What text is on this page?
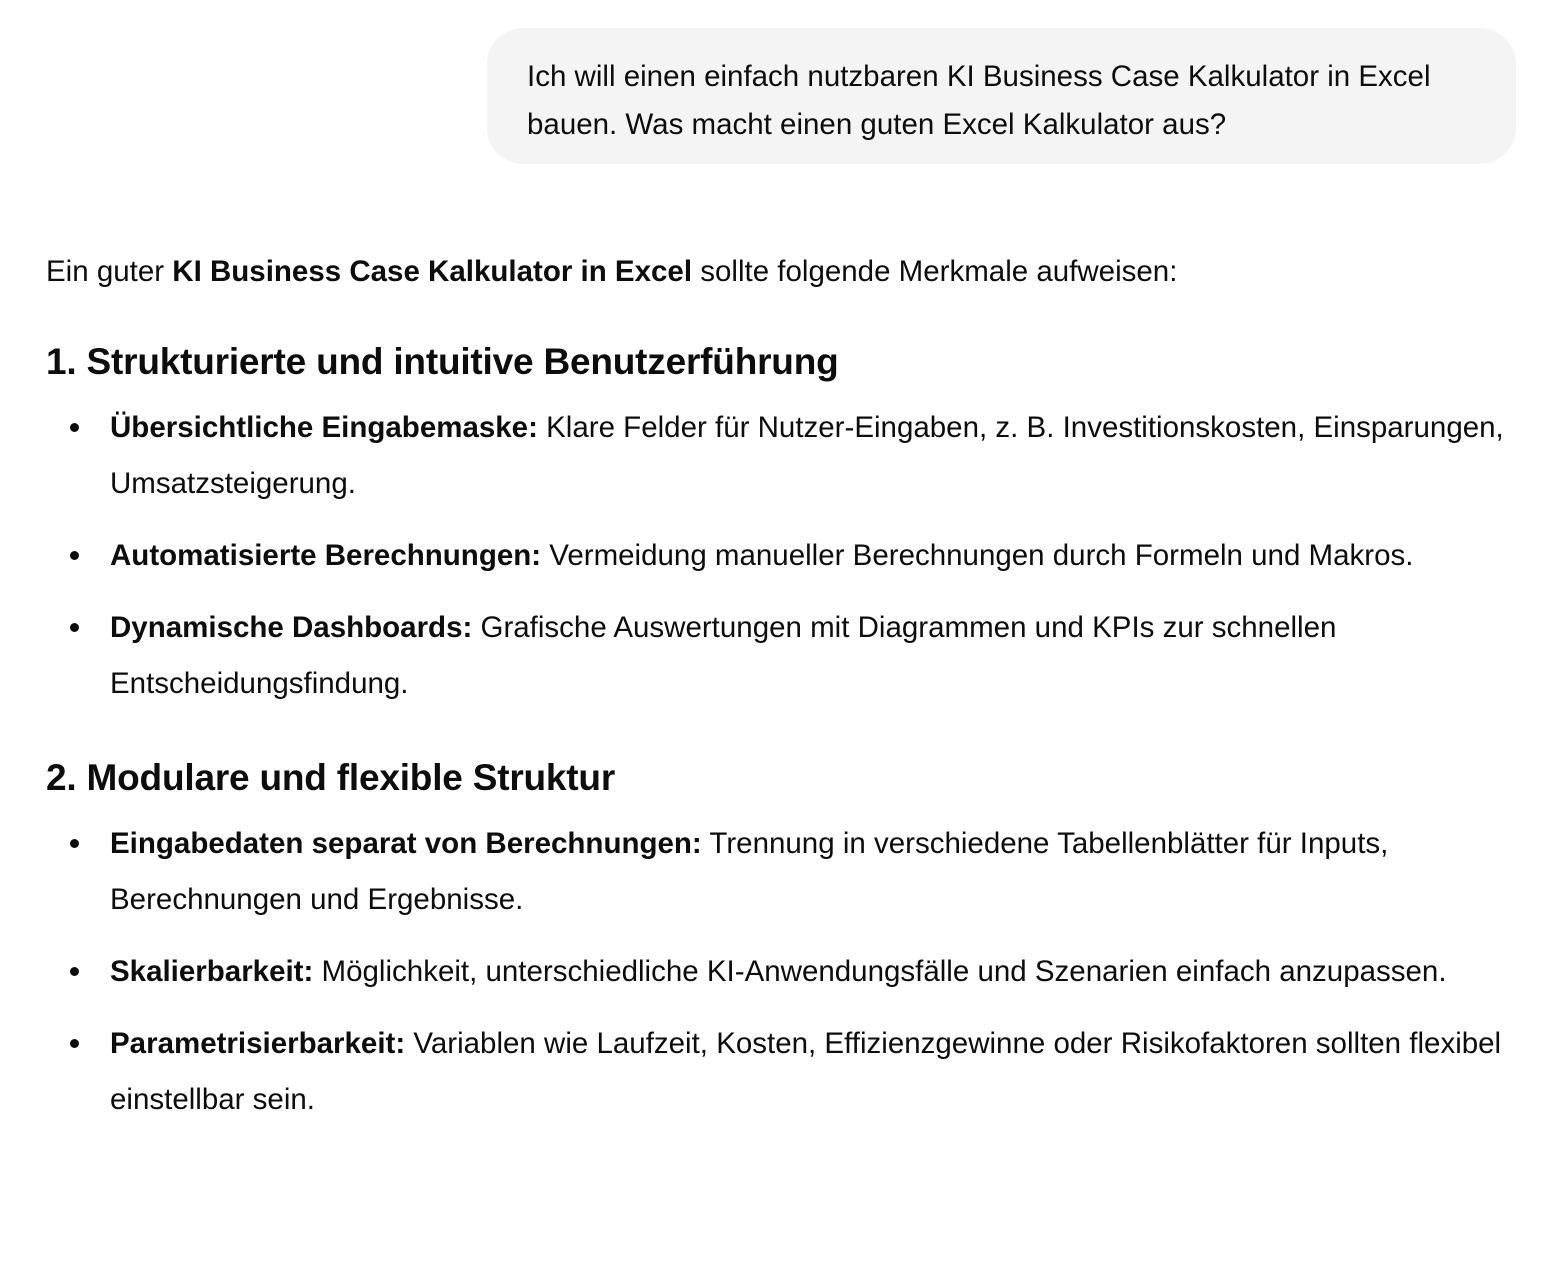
Ich will einen einfach nutzbaren KI Business Case Kalkulator in Excel bauen. Was macht einen guten Excel Kalkulator aus?

Ein guter KI Business Case Kalkulator in Excel sollte folgende Merkmale aufweisen:

1. Strukturierte und intuitive Benutzerführung
Übersichtliche Eingabemaske: Klare Felder für Nutzer-Eingaben, z. B. Investitionskosten, Einsparungen, Umsatzsteigerung.
Automatisierte Berechnungen: Vermeidung manueller Berechnungen durch Formeln und Makros.
Dynamische Dashboards: Grafische Auswertungen mit Diagrammen und KPIs zur schnellen Entscheidungsfindung.
2. Modulare und flexible Struktur
Eingabedaten separat von Berechnungen: Trennung in verschiedene Tabellenblätter für Inputs, Berechnungen und Ergebnisse.
Skalierbarkeit: Möglichkeit, unterschiedliche KI-Anwendungsfälle und Szenarien einfach anzupassen.
Parametrisierbarkeit: Variablen wie Laufzeit, Kosten, Effizienzgewinne oder Risikofaktoren sollten flexibel einstellbar sein.
